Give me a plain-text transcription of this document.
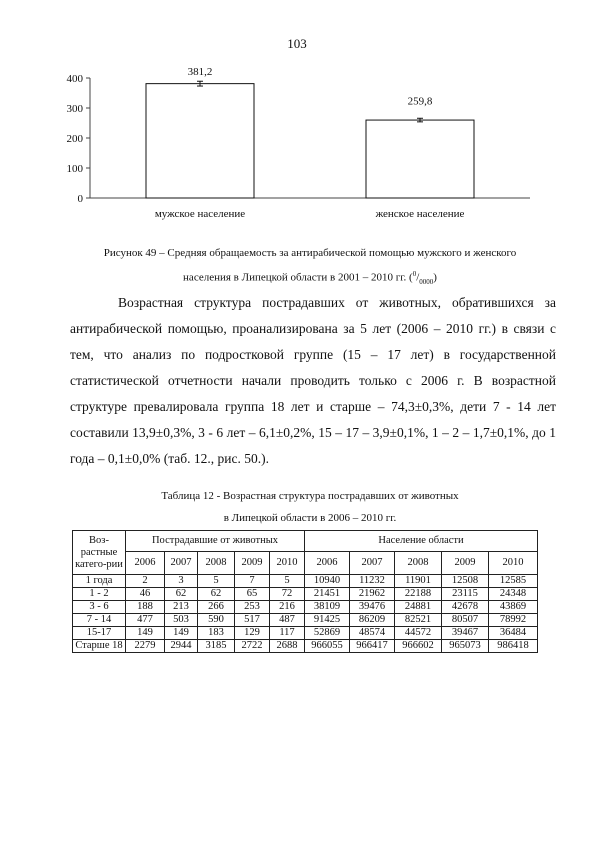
103
0
100
200
300
400
381,2
мужское население
259,8
женское население
Рисунок 49 – Средняя обращаемость за антирабической помощью мужского и женского
населения в Липецкой области в 2001 – 2010 гг. $(^0/_{0000})$
Возрастная структура пострадавших от животных, обратившихся за антирабической помощью, проанализирована за 5 лет (2006 – 2010 гг.) в связи с тем, что анализ по подростковой группе (15 – 17 лет) в государственной статистической отчетности начали проводить только с 2006 г. В возрастной структуре превалировала группа 18 лет и старше – 74,3±0,3%, дети 7 - 14 лет составили 13,9±0,3%, 3 - 6 лет – 6,1±0,2%, 15 – 17 – 3,9±0,1%, 1 – 2 – 1,7±0,1%, до 1 года – 0,1±0,0% (таб. 12., рис. 50.).
Таблица 12 - Возрастная структура пострадавших от животных
в Липецкой области в 2006 – 2010 гг.
Воз-растные катего-рии	Пострадавшие от животных					Население области				
	2006	2007	2008	2009	2010	2006	2007	2008	2009	2010
1 года	2	3	5	7	5	10940	11232	11901	12508	12585
1 - 2	46	62	62	65	72	21451	21962	22188	23115	24348
3 - 6	188	213	266	253	216	38109	39476	24881	42678	43869
7 - 14	477	503	590	517	487	91425	86209	82521	80507	78992
15-17	149	149	183	129	117	52869	48574	44572	39467	36484
Старше 18	2279	2944	3185	2722	2688	966055	966417	966602	965073	986418
